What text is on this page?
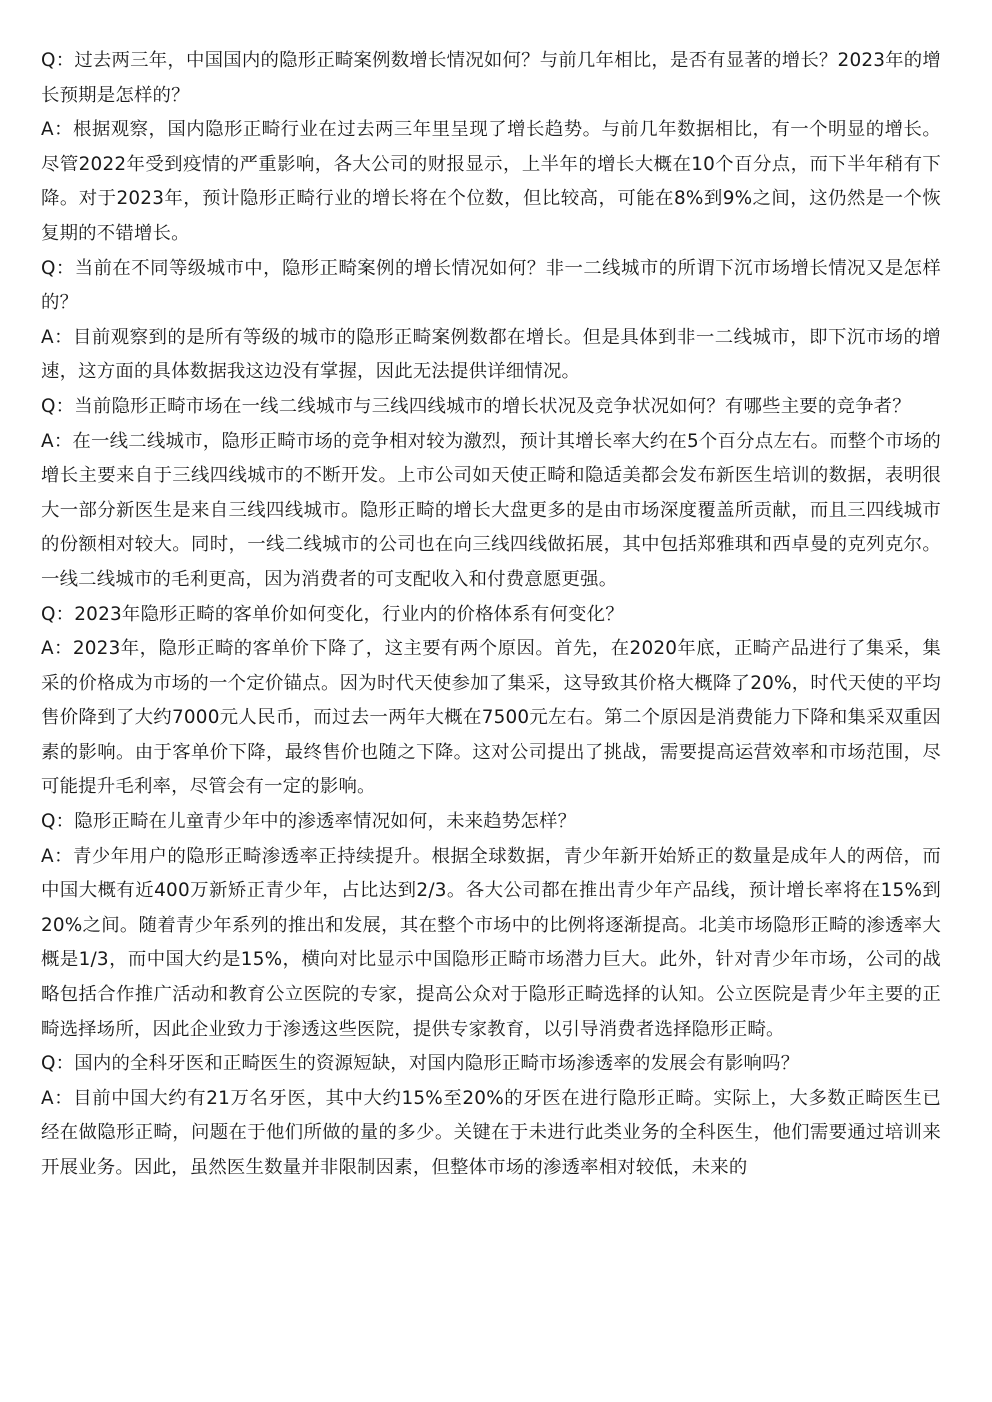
Q：过去两三年，中国国内的隐形正畸案例数增长情况如何？与前几年相比，是否有显著的增长？2023年的增长预期是怎样的？

A：根据观察，国内隐形正畸行业在过去两三年里呈现了增长趋势。与前几年数据相比，有一个明显的增长。尽管2022年受到疫情的严重影响，各大公司的财报显示，上半年的增长大概在10个百分点，而下半年稍有下降。对于2023年，预计隐形正畸行业的增长将在个位数，但比较高，可能在8%到9%之间，这仍然是一个恢复期的不错增长。

Q：当前在不同等级城市中，隐形正畸案例的增长情况如何？非一二线城市的所谓下沉市场增长情况又是怎样的？

A：目前观察到的是所有等级的城市的隐形正畸案例数都在增长。但是具体到非一二线城市，即下沉市场的增速，这方面的具体数据我这边没有掌握，因此无法提供详细情况。

Q：当前隐形正畸市场在一线二线城市与三线四线城市的增长状况及竞争状况如何？有哪些主要的竞争者？

A：在一线二线城市，隐形正畸市场的竞争相对较为激烈，预计其增长率大约在5个百分点左右。而整个市场的增长主要来自于三线四线城市的不断开发。上市公司如天使正畸和隐适美都会发布新医生培训的数据，表明很大一部分新医生是来自三线四线城市。隐形正畸的增长大盘更多的是由市场深度覆盖所贡献，而且三四线城市的份额相对较大。同时，一线二线城市的公司也在向三线四线做拓展，其中包括郑雅琪和西卓曼的克列克尔。一线二线城市的毛利更高，因为消费者的可支配收入和付费意愿更强。

Q：2023年隐形正畸的客单价如何变化，行业内的价格体系有何变化？

A：2023年，隐形正畸的客单价下降了，这主要有两个原因。首先，在2020年底，正畸产品进行了集采，集采的价格成为市场的一个定价锚点。因为时代天使参加了集采，这导致其价格大概降了20%，时代天使的平均售价降到了大约7000元人民币，而过去一两年大概在7500元左右。第二个原因是消费能力下降和集采双重因素的影响。由于客单价下降，最终售价也随之下降。这对公司提出了挑战，需要提高运营效率和市场范围，尽可能提升毛利率，尽管会有一定的影响。

Q：隐形正畸在儿童青少年中的渗透率情况如何，未来趋势怎样？

A：青少年用户的隐形正畸渗透率正持续提升。根据全球数据，青少年新开始矫正的数量是成年人的两倍，而中国大概有近400万新矫正青少年，占比达到2/3。各大公司都在推出青少年产品线，预计增长率将在15%到20%之间。随着青少年系列的推出和发展，其在整个市场中的比例将逐渐提高。北美市场隐形正畸的渗透率大概是1/3，而中国大约是15%，横向对比显示中国隐形正畸市场潜力巨大。此外，针对青少年市场，公司的战略包括合作推广活动和教育公立医院的专家，提高公众对于隐形正畸选择的认知。公立医院是青少年主要的正畸选择场所，因此企业致力于渗透这些医院，提供专家教育，以引导消费者选择隐形正畸。

Q：国内的全科牙医和正畸医生的资源短缺，对国内隐形正畸市场渗透率的发展会有影响吗？

A：目前中国大约有21万名牙医，其中大约15%至20%的牙医在进行隐形正畸。实际上，大多数正畸医生已经在做隐形正畸，问题在于他们所做的量的多少。关键在于未进行此类业务的全科医生，他们需要通过培训来开展业务。因此，虽然医生数量并非限制因素，但整体市场的渗透率相对较低，未来的
